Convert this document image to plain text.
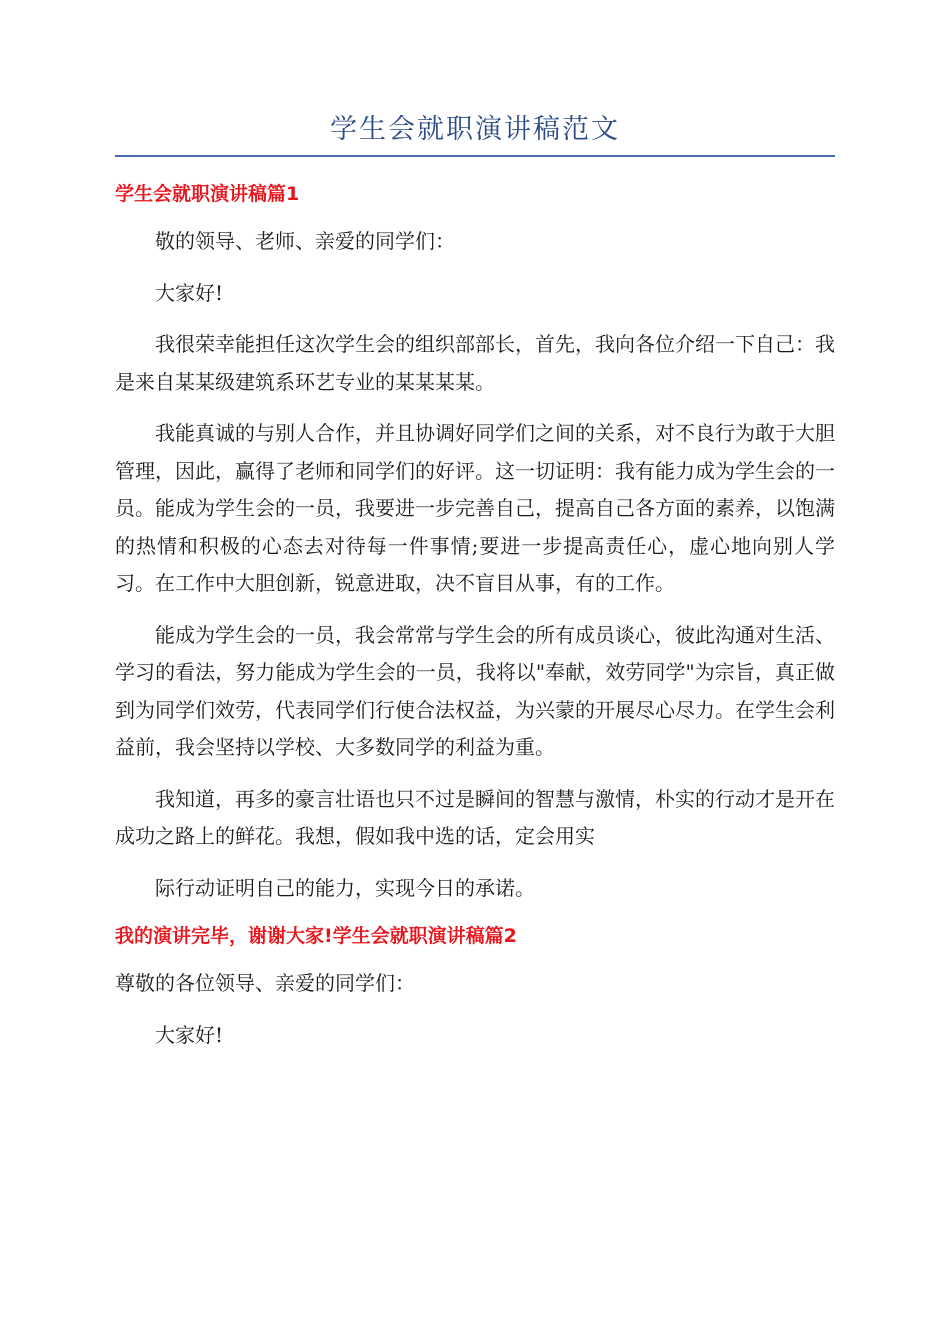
学生会就职演讲稿范文
学生会就职演讲稿篇1

敬的领导、老师、亲爱的同学们：

大家好!

我很荣幸能担任这次学生会的组织部部长，首先，我向各位介绍一下自己：我是来自某某级建筑系环艺专业的某某某某。

我能真诚的与别人合作，并且协调好同学们之间的关系，对不良行为敢于大胆管理，因此，赢得了老师和同学们的好评。这一切证明：我有能力成为学生会的一员。能成为学生会的一员，我要进一步完善自己，提高自己各方面的素养，以饱满的热情和积极的心态去对待每一件事情;要进一步提高责任心，虚心地向别人学习。在工作中大胆创新，锐意进取，决不盲目从事，有的工作。

能成为学生会的一员，我会常常与学生会的所有成员谈心，彼此沟通对生活、学习的看法，努力能成为学生会的一员，我将以"奉献，效劳同学"为宗旨，真正做到为同学们效劳，代表同学们行使合法权益，为兴蒙的开展尽心尽力。在学生会利益前，我会坚持以学校、大多数同学的利益为重。

我知道，再多的豪言壮语也只不过是瞬间的智慧与激情，朴实的行动才是开在成功之路上的鲜花。我想，假如我中选的话，定会用实

际行动证明自己的能力，实现今日的承诺。

我的演讲完毕，谢谢大家!学生会就职演讲稿篇2

尊敬的各位领导、亲爱的同学们：

大家好!
